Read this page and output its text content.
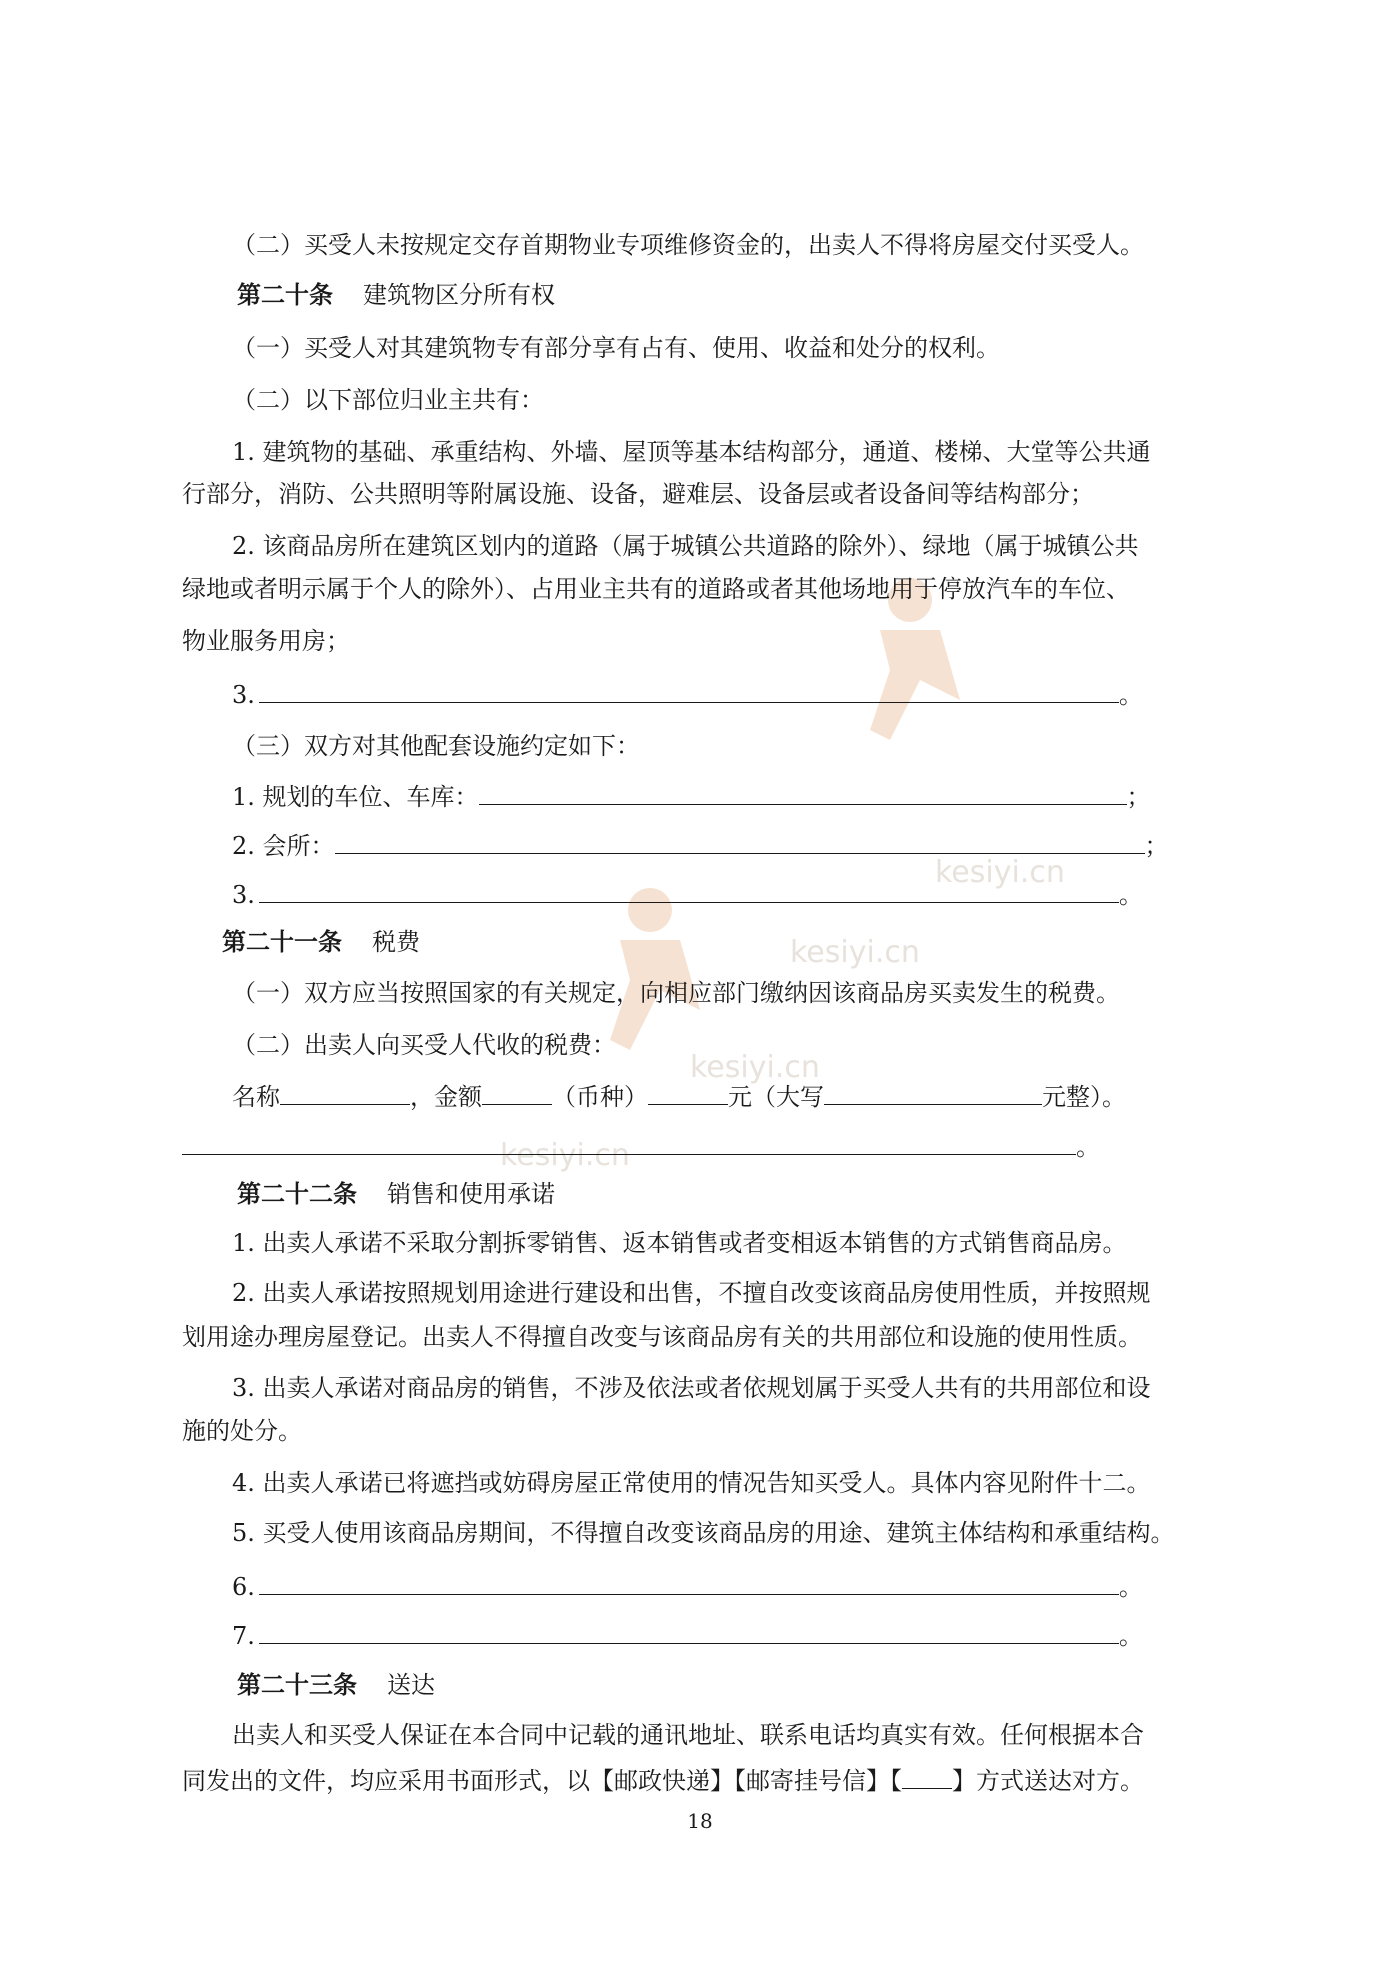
kesiyi.cn
kesiyi.cn
kesiyi.cn
kesiyi.cn
（二）买受人未按规定交存首期物业专项维修资金的，出卖人不得将房屋交付买受人。
第二十条 建筑物区分所有权
（一）买受人对其建筑物专有部分享有占有、使用、收益和处分的权利。
（二）以下部位归业主共有：
1. 建筑物的基础、承重结构、外墙、屋顶等基本结构部分，通道、楼梯、大堂等公共通
行部分，消防、公共照明等附属设施、设备，避难层、设备层或者设备间等结构部分；
2. 该商品房所在建筑区划内的道路（属于城镇公共道路的除外）、绿地（属于城镇公共
绿地或者明示属于个人的除外）、占用业主共有的道路或者其他场地用于停放汽车的车位、
物业服务用房；
3.	。
（三）双方对其他配套设施约定如下：
1. 规划的车位、车库：	；
2. 会所：	；
3.	。
第二十一条 税费
（一）双方应当按照国家的有关规定，向相应部门缴纳因该商品房买卖发生的税费。
（二）出卖人向买受人代收的税费：
名称	，金额	（币种）	元（大写	元整）。
。
第二十二条 销售和使用承诺
1. 出卖人承诺不采取分割拆零销售、返本销售或者变相返本销售的方式销售商品房。
2. 出卖人承诺按照规划用途进行建设和出售，不擅自改变该商品房使用性质，并按照规
划用途办理房屋登记。出卖人不得擅自改变与该商品房有关的共用部位和设施的使用性质。
3. 出卖人承诺对商品房的销售，不涉及依法或者依规划属于买受人共有的共用部位和设
施的处分。
4. 出卖人承诺已将遮挡或妨碍房屋正常使用的情况告知买受人。具体内容见附件十二。
5. 买受人使用该商品房期间，不得擅自改变该商品房的用途、建筑主体结构和承重结构。
6.	。
7.	。
第二十三条 送达
出卖人和买受人保证在本合同中记载的通讯地址、联系电话均真实有效。任何根据本合
同发出的文件，均应采用书面形式，以【邮政快递】【邮寄挂号信】【 】方式送达对方。
18
